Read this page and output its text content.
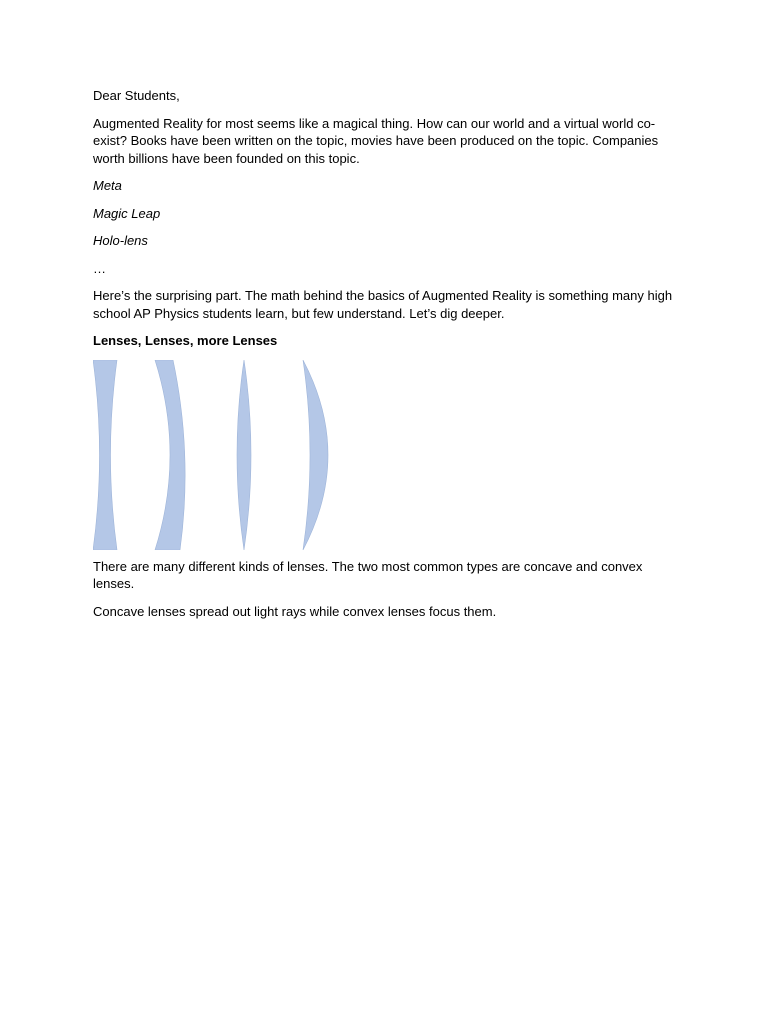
Dear Students,

Augmented Reality for most seems like a magical thing. How can our world and a virtual world co-exist? Books have been written on the topic, movies have been produced on the topic. Companies worth billions have been founded on this topic.

Meta

Magic Leap

Holo-lens

…

Here’s the surprising part. The math behind the basics of Augmented Reality is something many high school AP Physics students learn, but few understand. Let’s dig deeper.

Lenses, Lenses, more Lenses

There are many different kinds of lenses. The two most common types are concave and convex lenses.

Concave lenses spread out light rays while convex lenses focus them.
